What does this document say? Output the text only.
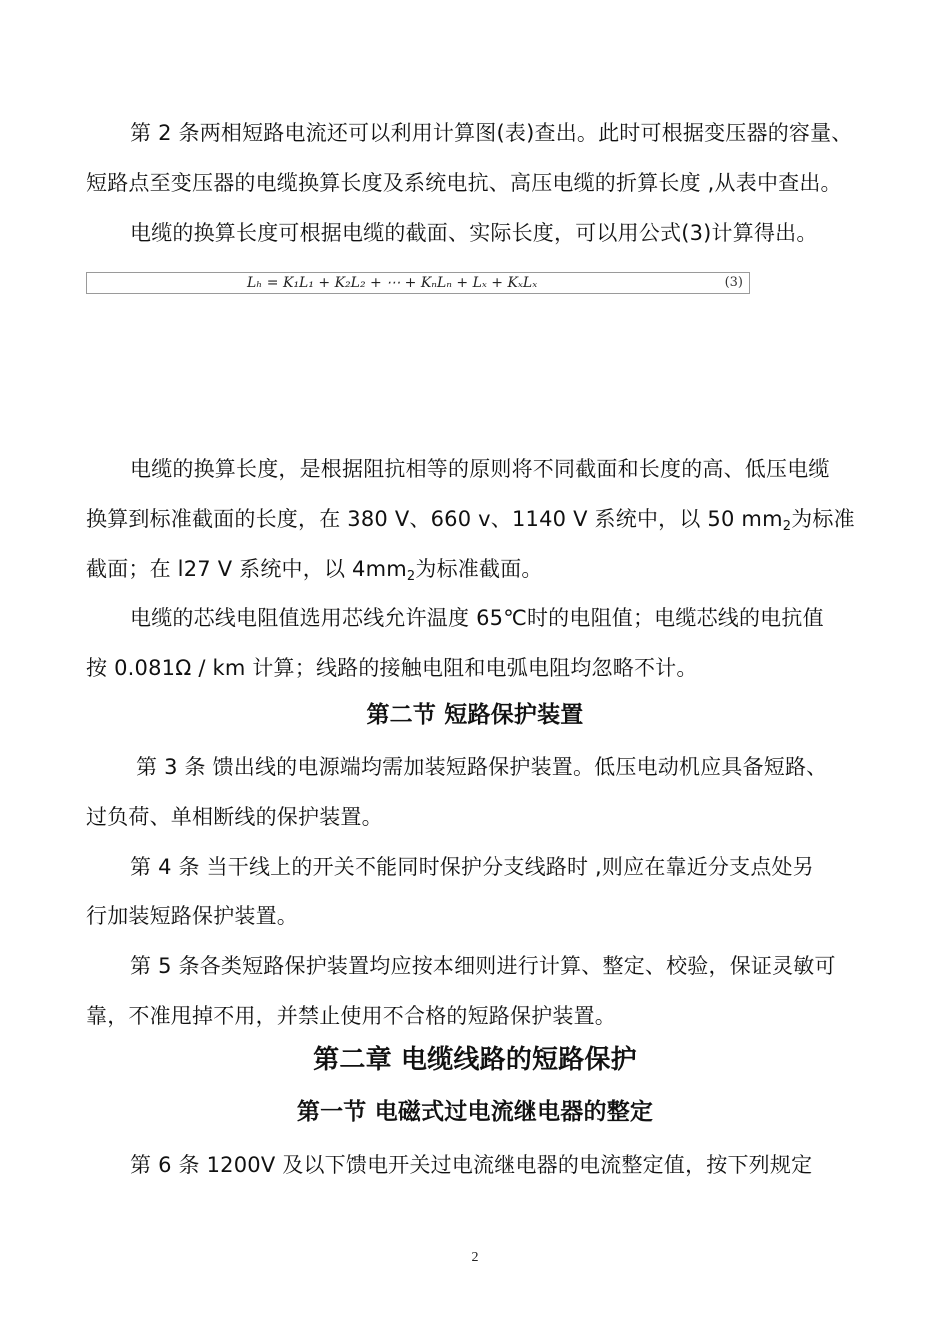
第 2 条两相短路电流还可以利用计算图(表)查出。此时可根据变压器的容量、
短路点至变压器的电缆换算长度及系统电抗、高压电缆的折算长度 ,从表中查出。
电缆的换算长度可根据电缆的截面、实际长度，可以用公式(3)计算得出。
Lₕ = K₁L₁ + K₂L₂ + ⋯ + KₙLₙ + Lₓ + KₓLₓ	(3)
电缆的换算长度，是根据阻抗相等的原则将不同截面和长度的高、低压电缆
换算到标准截面的长度，在 380 V、660 v、1140 V 系统中，以 50 $mm_2$为标准
截面；在 l27 V 系统中，以 $4mm_2$为标准截面。
电缆的芯线电阻值选用芯线允许温度 65℃时的电阻值；电缆芯线的电抗值
按 0.081Ω / km 计算；线路的接触电阻和电弧电阻均忽略不计。
第二节 短路保护装置
第 3 条 馈出线的电源端均需加装短路保护装置。低压电动机应具备短路、
过负荷、单相断线的保护装置。
第 4 条 当干线上的开关不能同时保护分支线路时 ,则应在靠近分支点处另
行加装短路保护装置。
第 5 条各类短路保护装置均应按本细则进行计算、整定、校验，保证灵敏可
靠，不准甩掉不用，并禁止使用不合格的短路保护装置。
第二章 电缆线路的短路保护
第一节 电磁式过电流继电器的整定
第 6 条 1200V 及以下馈电开关过电流继电器的电流整定值，按下列规定
2
